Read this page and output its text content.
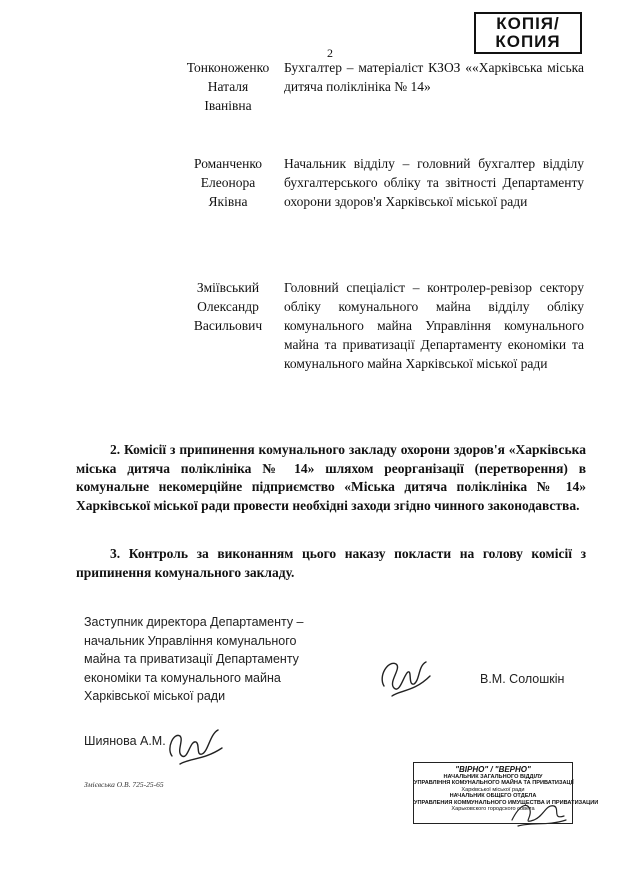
КОПІЯ/
КОПИЯ
2
Тонконоженко
Наталя
Іванівна
Бухгалтер – матеріаліст КЗОЗ ««Харківська міська дитяча поліклініка № 14»
Романченко
Елеонора
Яківна
Начальник відділу – головний бухгалтер відділу бухгалтерського обліку та звітності Департаменту охорони здоров'я Харківської міської ради
Зміївський
Олександр
Васильович
Головний спеціаліст – контролер-ревізор сектору обліку комунального майна відділу обліку комунального майна Управління комунального майна та приватизації Департаменту економіки та комунального майна Харківської міської ради
2. Комісії з припинення комунального закладу охорони здоров'я «Харківська міська дитяча поліклініка № 14» шляхом реорганізації (перетворення) в комунальне некомерційне підприємство «Міська дитяча поліклініка № 14» Харківської міської ради провести необхідні заходи згідно чинного законодавства.
3. Контроль за виконанням цього наказу покласти на голову комісії з припинення комунального закладу.
Заступник директора Департаменту –
начальник Управління комунального
майна та приватизації Департаменту
економіки та комунального майна
Харківської міської ради
В.М. Солошкін
Шиянова А.М.
Змієвська О.В. 725-25-65
"ВІРНО" / "ВЕРНО"
НАЧАЛЬНИК ЗАГАЛЬНОГО ВІДДІЛУ
УПРАВЛІННЯ КОМУНАЛЬНОГО МАЙНА ТА ПРИВАТИЗАЦІЇ
Харківської міської ради
НАЧАЛЬНИК ОБЩЕГО ОТДЕЛА
УПРАВЛЕНИЯ КОММУНАЛЬНОГО ИМУЩЕСТВА И ПРИВАТИЗАЦИИ
Харьковского городского совета
